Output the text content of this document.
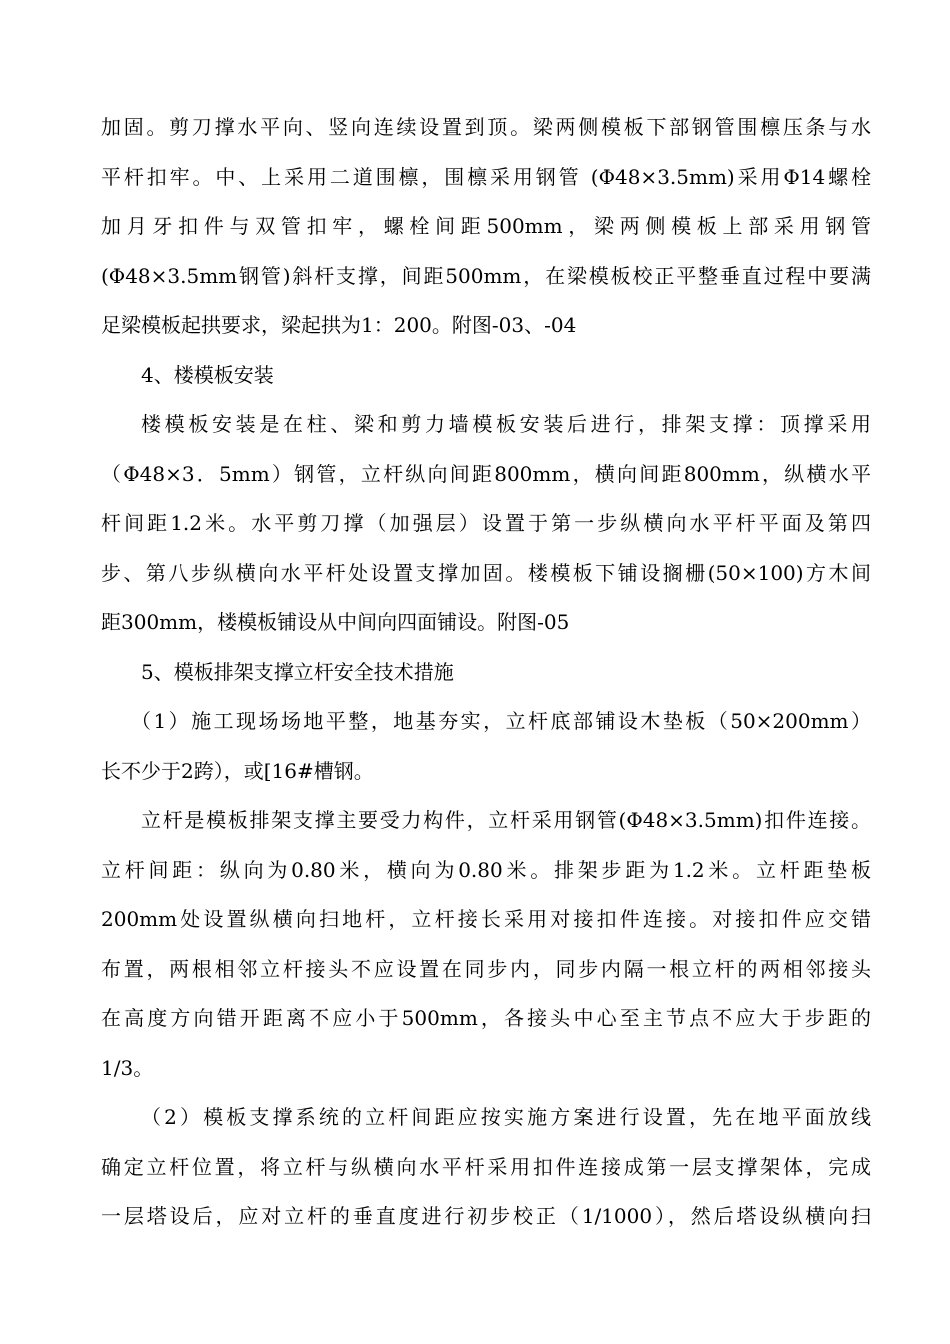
加固。剪刀撑水平向、竖向连续设置到顶。梁两侧模板下部钢管围檩压条与水
平杆扣牢。中、上采用二道围檩，围檩采用钢管 (Φ48×3.5mm)采用Φ14螺栓
加月牙扣件与双管扣牢，螺栓间距500mm，梁两侧模板上部采用钢管
(Φ48×3.5mm钢管)斜杆支撑，间距500mm，在梁模板校正平整垂直过程中要满
足梁模板起拱要求，梁起拱为1：200。附图-03、-04
4、楼模板安装
楼模板安装是在柱、梁和剪力墙模板安装后进行，排架支撑：顶撑采用
（Φ48×3．5mm）钢管，立杆纵向间距800mm，横向间距800mm，纵横水平
杆间距1.2米。水平剪刀撑（加强层）设置于第一步纵横向水平杆平面及第四
步、第八步纵横向水平杆处设置支撑加固。楼模板下铺设搁栅(50×100)方木间
距300mm，楼模板铺设从中间向四面铺设。附图-05
5、模板排架支撑立杆安全技术措施
（1）施工现场场地平整，地基夯实，立杆底部铺设木垫板（50×200mm）
长不少于2跨），或[16#槽钢。
立杆是模板排架支撑主要受力构件，立杆采用钢管(Φ48×3.5mm)扣件连接。
立杆间距：纵向为0.80米，横向为0.80米。排架步距为1.2米。立杆距垫板
200mm处设置纵横向扫地杆，立杆接长采用对接扣件连接。对接扣件应交错
布置，两根相邻立杆接头不应设置在同步内，同步内隔一根立杆的两相邻接头
在高度方向错开距离不应小于500mm，各接头中心至主节点不应大于步距的
1/3。
（2）模板支撑系统的立杆间距应按实施方案进行设置，先在地平面放线
确定立杆位置，将立杆与纵横向水平杆采用扣件连接成第一层支撑架体，完成
一层塔设后，应对立杆的垂直度进行初步校正（1/1000），然后塔设纵横向扫
